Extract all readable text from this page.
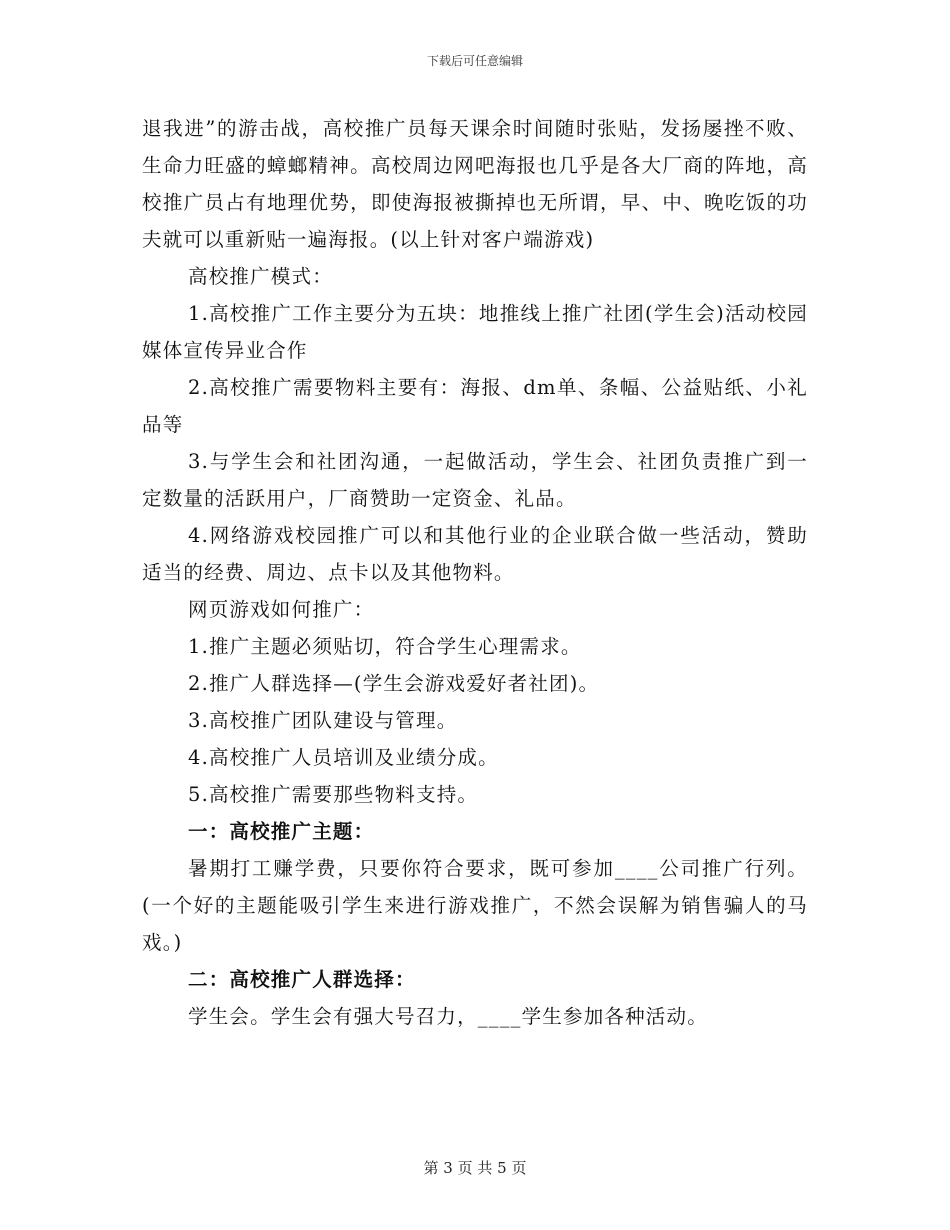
下载后可任意编辑

退我进”的游击战，高校推广员每天课余时间随时张贴，发扬屡挫不败、生命力旺盛的蟑螂精神。高校周边网吧海报也几乎是各大厂商的阵地，高校推广员占有地理优势，即使海报被撕掉也无所谓，早、中、晚吃饭的功夫就可以重新贴一遍海报。(以上针对客户端游戏)

高校推广模式：

1.高校推广工作主要分为五块：地推线上推广社团(学生会)活动校园媒体宣传异业合作

2.高校推广需要物料主要有：海报、dm单、条幅、公益贴纸、小礼品等

3.与学生会和社团沟通，一起做活动，学生会、社团负责推广到一定数量的活跃用户，厂商赞助一定资金、礼品。

4.网络游戏校园推广可以和其他行业的企业联合做一些活动，赞助适当的经费、周边、点卡以及其他物料。

网页游戏如何推广：

1.推广主题必须贴切，符合学生心理需求。

2.推广人群选择—(学生会游戏爱好者社团)。

3.高校推广团队建设与管理。

4.高校推广人员培训及业绩分成。

5.高校推广需要那些物料支持。

一：高校推广主题：

暑期打工赚学费，只要你符合要求，既可参加____公司推广行列。(一个好的主题能吸引学生来进行游戏推广，不然会误解为销售骗人的马戏。)

二：高校推广人群选择：

学生会。学生会有强大号召力，____学生参加各种活动。

第 3 页 共 5 页
